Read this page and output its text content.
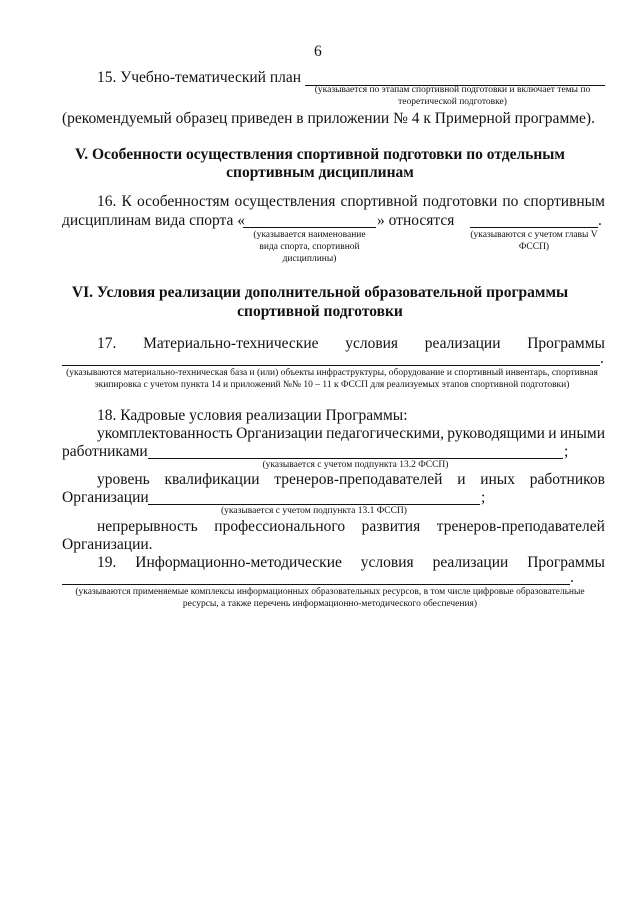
6
15. Учебно-тематический план
(указывается по этапам спортивной подготовки и включает темы по теоретической подготовке)
(рекомендуемый образец приведен в приложении № 4 к Примерной программе).
V. Особенности осуществления спортивной подготовки по отдельным
спортивным дисциплинам
16. К особенностям осуществления спортивной подготовки по спортивным
дисциплинам вида спорта «	» относятся	.
(указывается наименование вида спорта, спортивной дисциплины)
(указываются с учетом главы V ФССП)
VI. Условия реализации дополнительной образовательной программы
спортивной подготовки
17. Материально-технические условия реализации Программы
.
(указываются материально-техническая база и (или) объекты инфраструктуры, оборудование и спортивный инвентарь, спортивная экипировка с учетом пункта 14 и приложений №№ 10 – 11 к ФССП для реализуемых этапов спортивной подготовки)
18. Кадровые условия реализации Программы:
укомплектованность Организации педагогическими, руководящими и иными
работниками	;
(указывается с учетом подпункта 13.2 ФССП)
уровень квалификации тренеров-преподавателей и иных работников
Организации	;
(указывается с учетом подпункта 13.1 ФССП)
непрерывность профессионального развития тренеров-преподавателей
Организации.
19. Информационно-методические условия реализации Программы
.
(указываются применяемые комплексы информационных образовательных ресурсов, в том числе цифровые образовательные ресурсы, а также перечень информационно-методического обеспечения)
